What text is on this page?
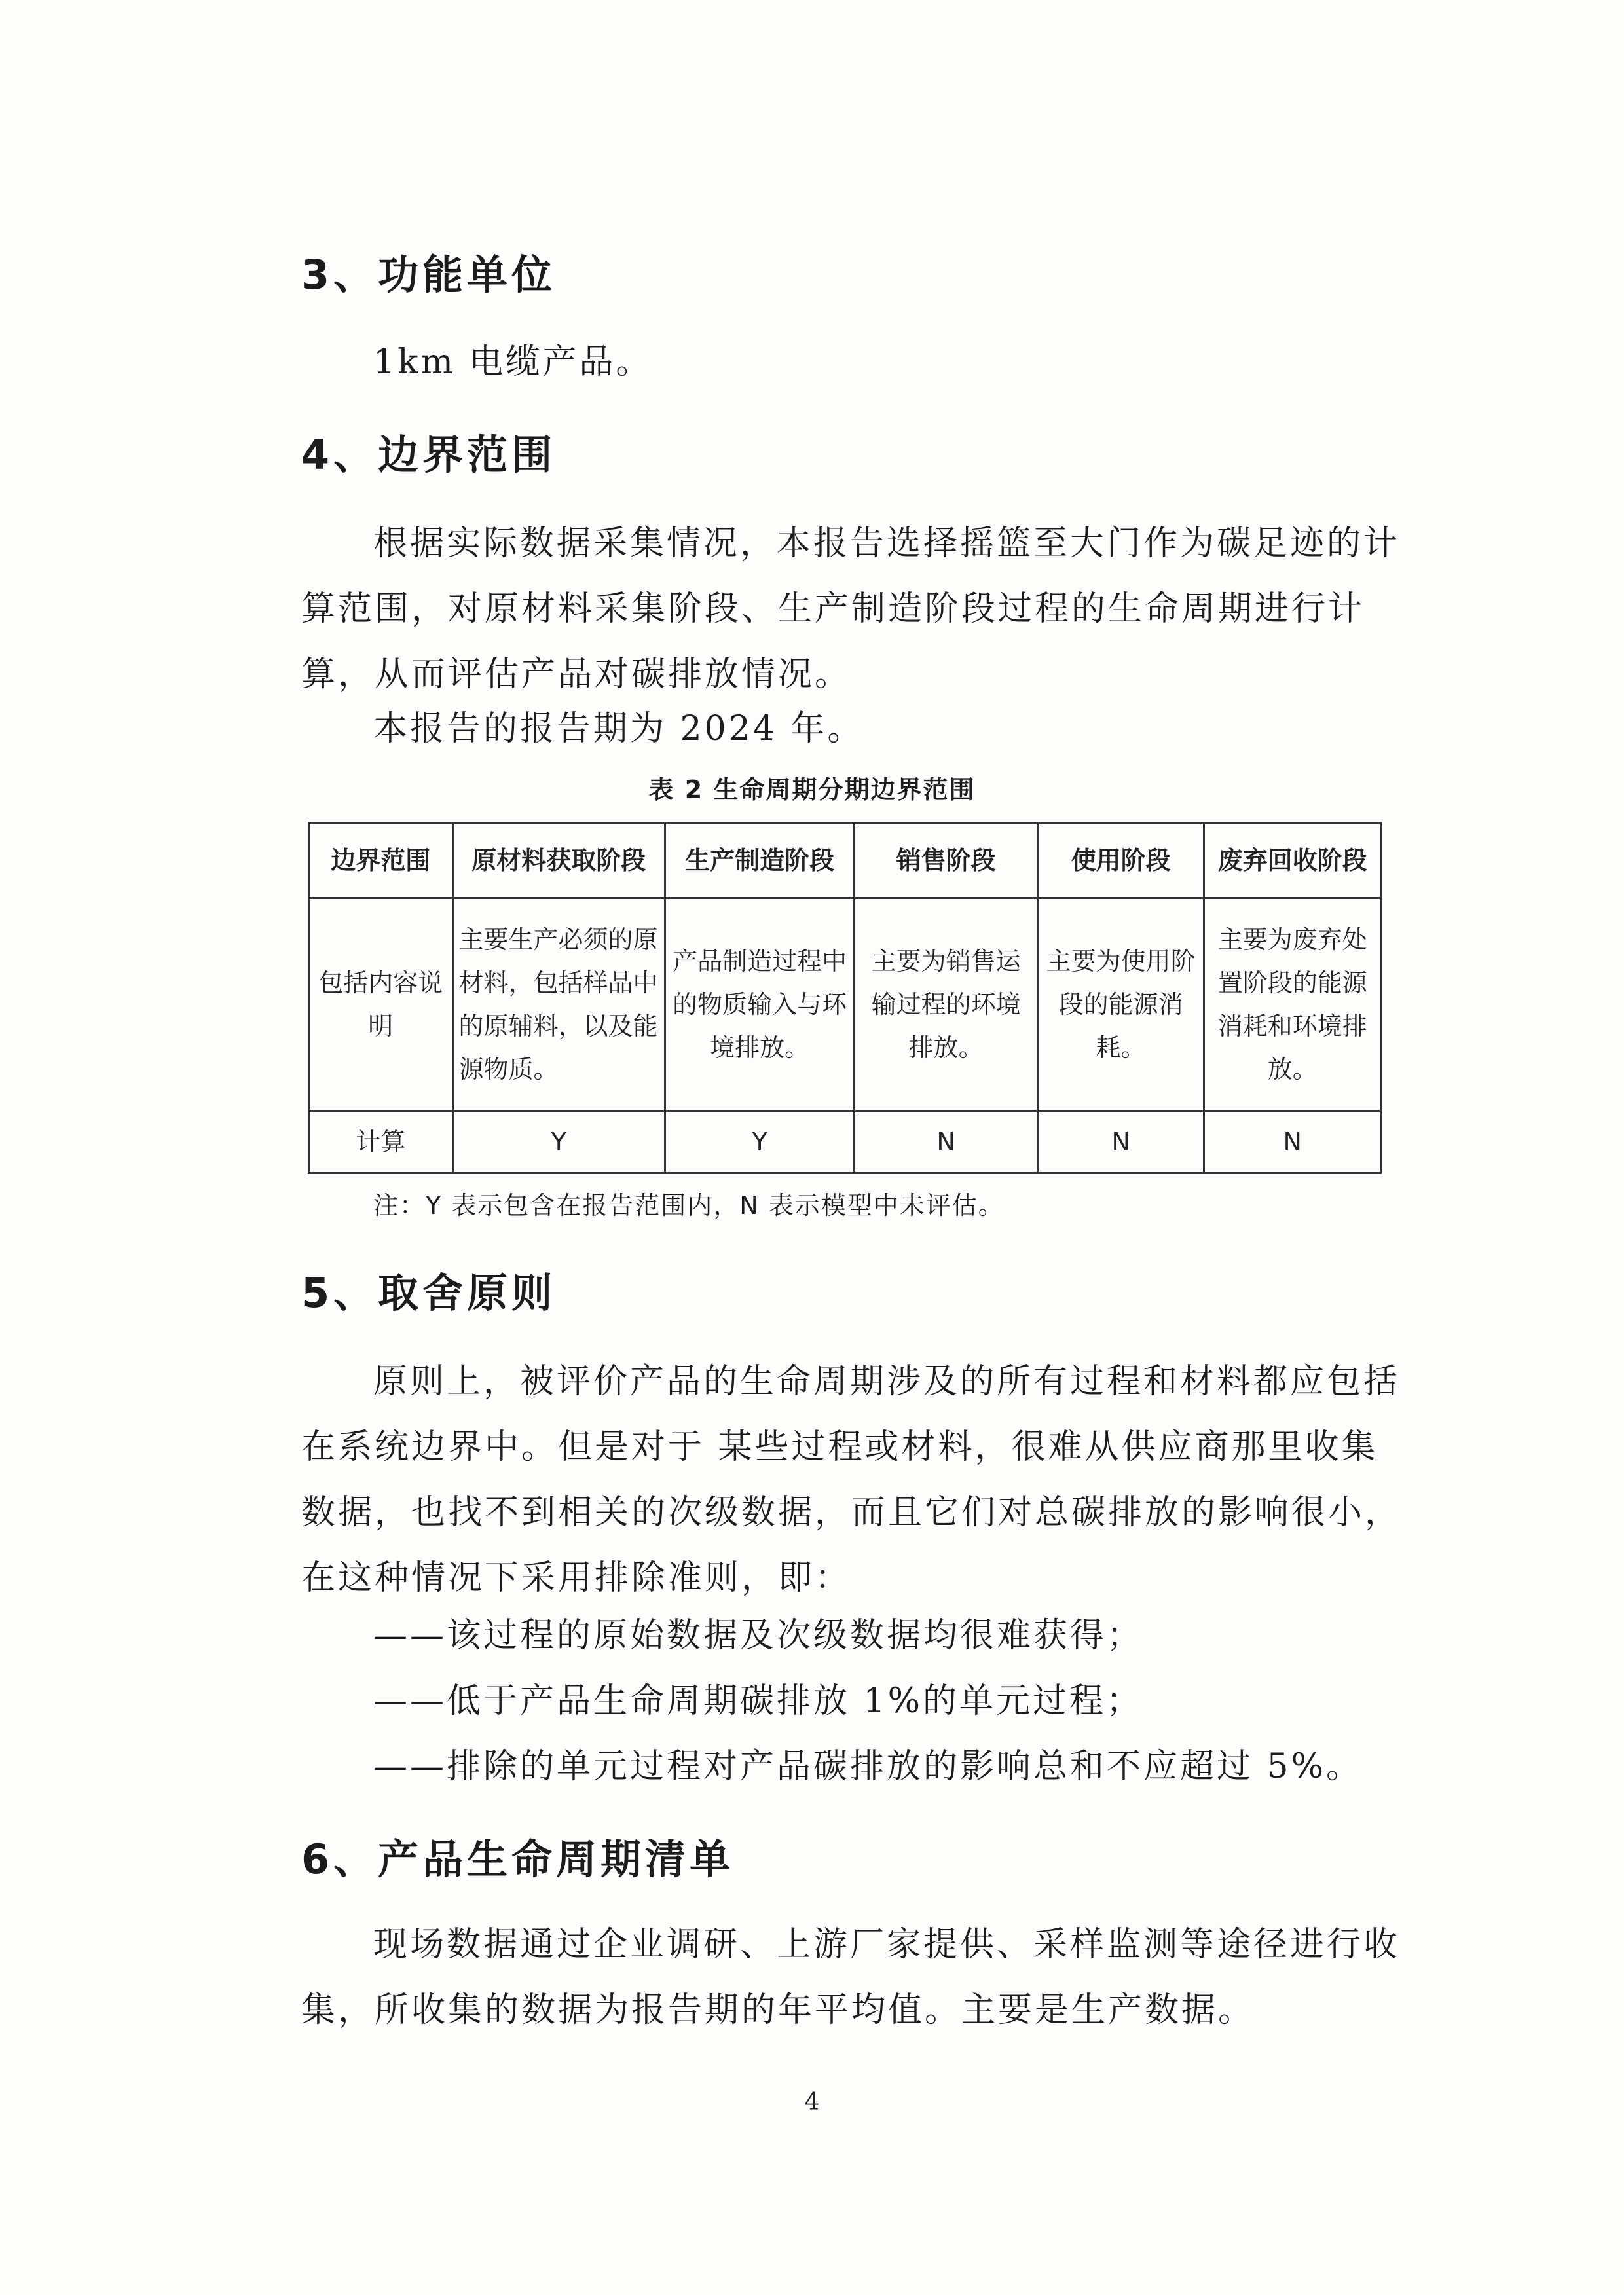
3、功能单位

1km 电缆产品。

4、边界范围

根据实际数据采集情况，本报告选择摇篮至大门作为碳足迹的计算范围，对原材料采集阶段、生产制造阶段过程的生命周期进行计算，从而评估产品对碳排放情况。

本报告的报告期为 2024 年。

表 2 生命周期分期边界范围
边界范围	原材料获取阶段	生产制造阶段	销售阶段	使用阶段	废弃回收阶段
包括内容说明	主要生产必须的原材料，包括样品中的原辅料，以及能源物质。	产品制造过程中的物质输入与环境排放。	主要为销售运输过程的环境排放。	主要为使用阶段的能源消耗。	主要为废弃处置阶段的能源消耗和环境排放。
计算	Y	Y	N	N	N
注：Y 表示包含在报告范围内，N 表示模型中未评估。
5、取舍原则

原则上，被评价产品的生命周期涉及的所有过程和材料都应包括在系统边界中。但是对于 某些过程或材料，很难从供应商那里收集数据，也找不到相关的次级数据，而且它们对总碳排放的影响很小，在这种情况下采用排除准则，即：

——该过程的原始数据及次级数据均很难获得；

——低于产品生命周期碳排放 1%的单元过程；

——排除的单元过程对产品碳排放的影响总和不应超过 5%。

6、产品生命周期清单

现场数据通过企业调研、上游厂家提供、采样监测等途径进行收集，所收集的数据为报告期的年平均值。主要是生产数据。

4
